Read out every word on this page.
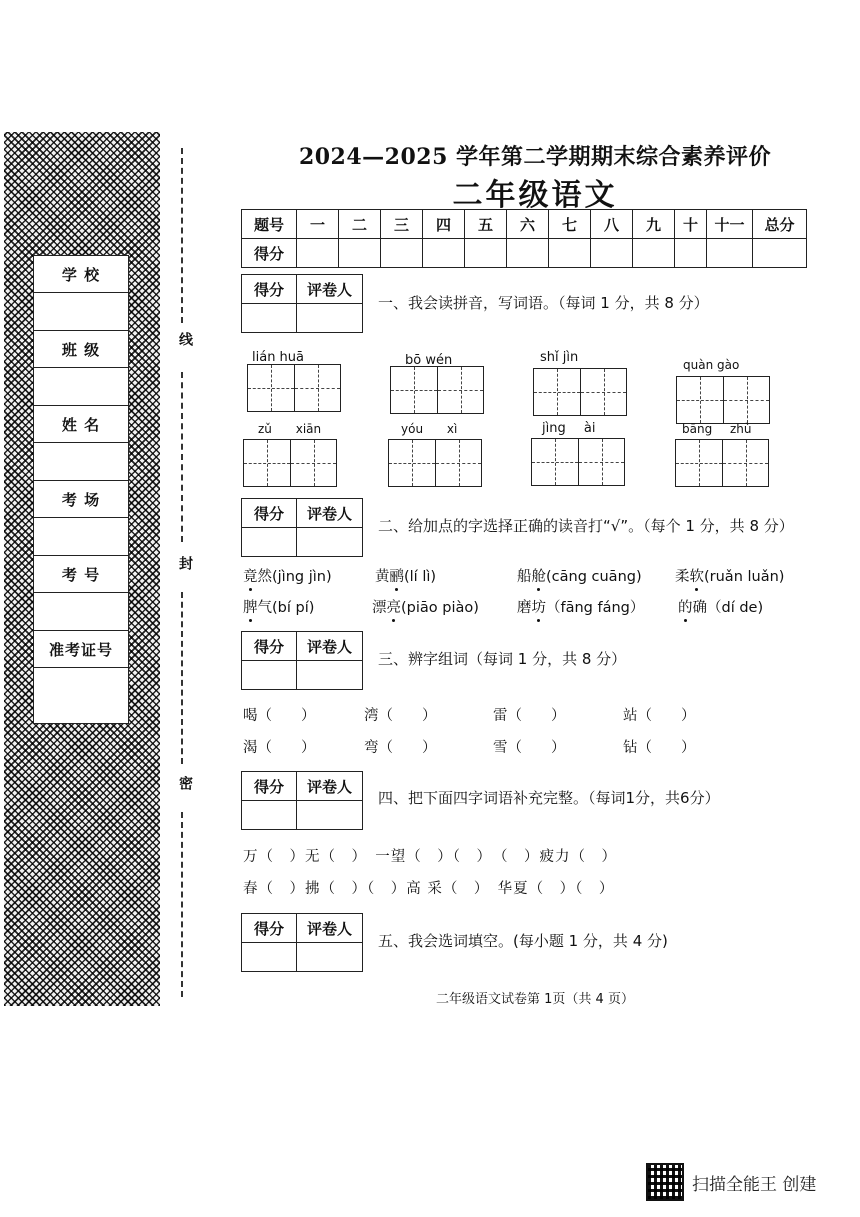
学 校
班 级
姓 名
考 场
考 号
准考证号
线
封
密
2024—2025 学年第二学期期末综合素养评价
二年级语文
题号	一	二	三	四	五	六	七	八	九	十	十一	总分
得分												
得分	评卷人

一、我会读拼音，写词语。（每词 1 分，共 8 分）
lián huā	bō wén	shǐ jìn	quàn gào
zǔ xiān	yóu xì	jìng ài	bāng zhù
得分	评卷人

二、给加点的字选择正确的读音打“√”。（每个 1 分，共 8 分）
竟然(jìng jìn)	黄鹂(lí lì)	船舱(cāng cuāng) 柔软(ruǎn luǎn)
脾气(bí pí)	漂亮(piāo piào)	磨坊（fāng fáng） 的确（dí de)
得分	评卷人

三、辨字组词（每词 1 分，共 8 分）
喝（　　）	湾（　　）	雷（　　）	站（　　）
渴（　　）	弯（　　）	雪（　　）	钻（　　）
得分	评卷人

四、把下面四字词语补充完整。（每词1分，共6分）
万（　）无（　）　一望（　）（　）　（　）疲力（　）
春（　）拂（　）（　）高 采（　）　华夏（　）（　）
得分	评卷人

五、我会选词填空。(每小题 1 分，共 4 分)
二年级语文试卷第 1页（共 4 页）
扫描全能王 创建
